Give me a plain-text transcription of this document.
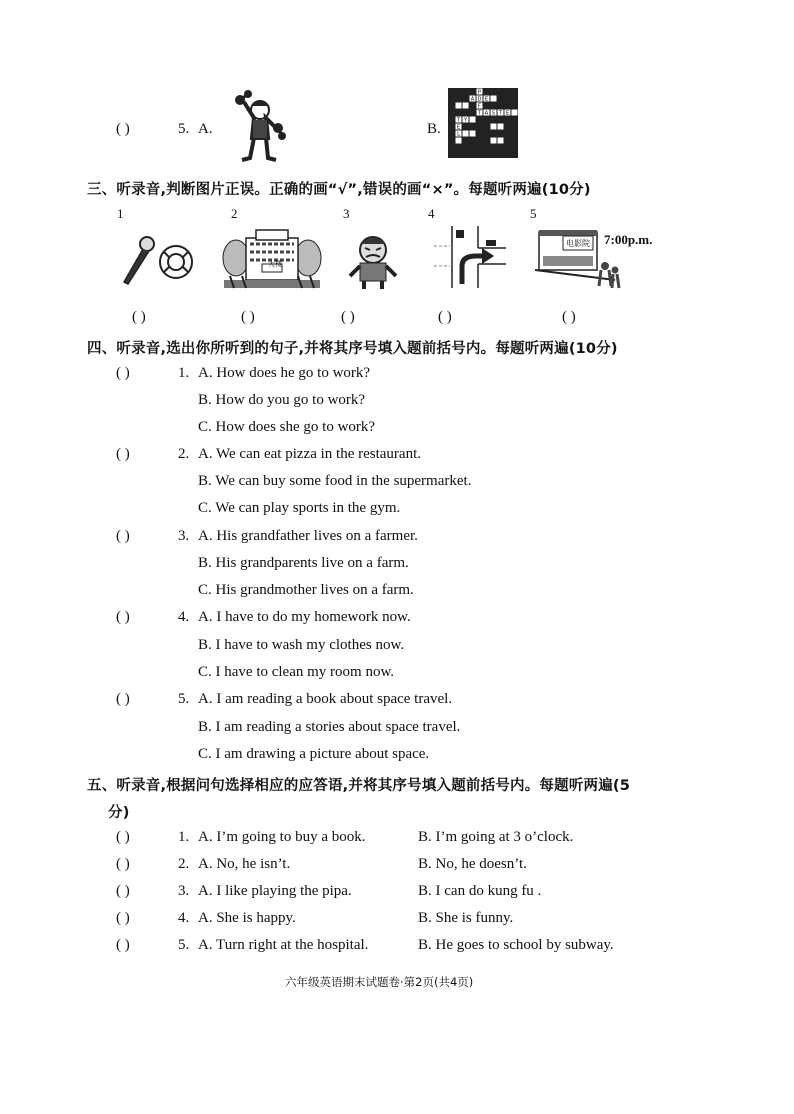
( )	5. A.	B.
P
A D E
F
T A S T E
T Y
E
L
三、听录音,判断图片正误。正确的画“√”,错误的画“×”。每题听两遍(10分)
1	2	3	4	5
大楼
电影院 7:00p.m.
( )	( )	( )	( )	( )
四、听录音,选出你所听到的句子,并将其序号填入题前括号内。每题听两遍(10分)
( )	1. A. How does he go to work?
B. How do you go to work?
C. How does she go to work?
( )	2. A. We can eat pizza in the restaurant.
B. We can buy some food in the supermarket.
C. We can play sports in the gym.
( )	3. A. His grandfather lives on a farmer.
B. His grandparents live on a farm.
C. His grandmother lives on a farm.
( )	4. A. I have to do my homework now.
B. I have to wash my clothes now.
C. I have to clean my room now.
( )	5. A. I am reading a book about space travel.
B. I am reading a stories about space travel.
C. I am drawing a picture about space.
五、听录音,根据问句选择相应的应答语,并将其序号填入题前括号内。每题听两遍(5
分)
( )	1. A. I’m going to buy a book.	B. I’m going at 3 o’clock.
( )	2. A. No, he isn’t.	B. No, he doesn’t.
( )	3. A. I like playing the pipa.	B. I can do kung fu .
( )	4. A. She is happy.	B. She is funny.
( )	5. A. Turn right at the hospital.	B. He goes to school by subway.
六年级英语期末试题卷·第2页(共4页)
